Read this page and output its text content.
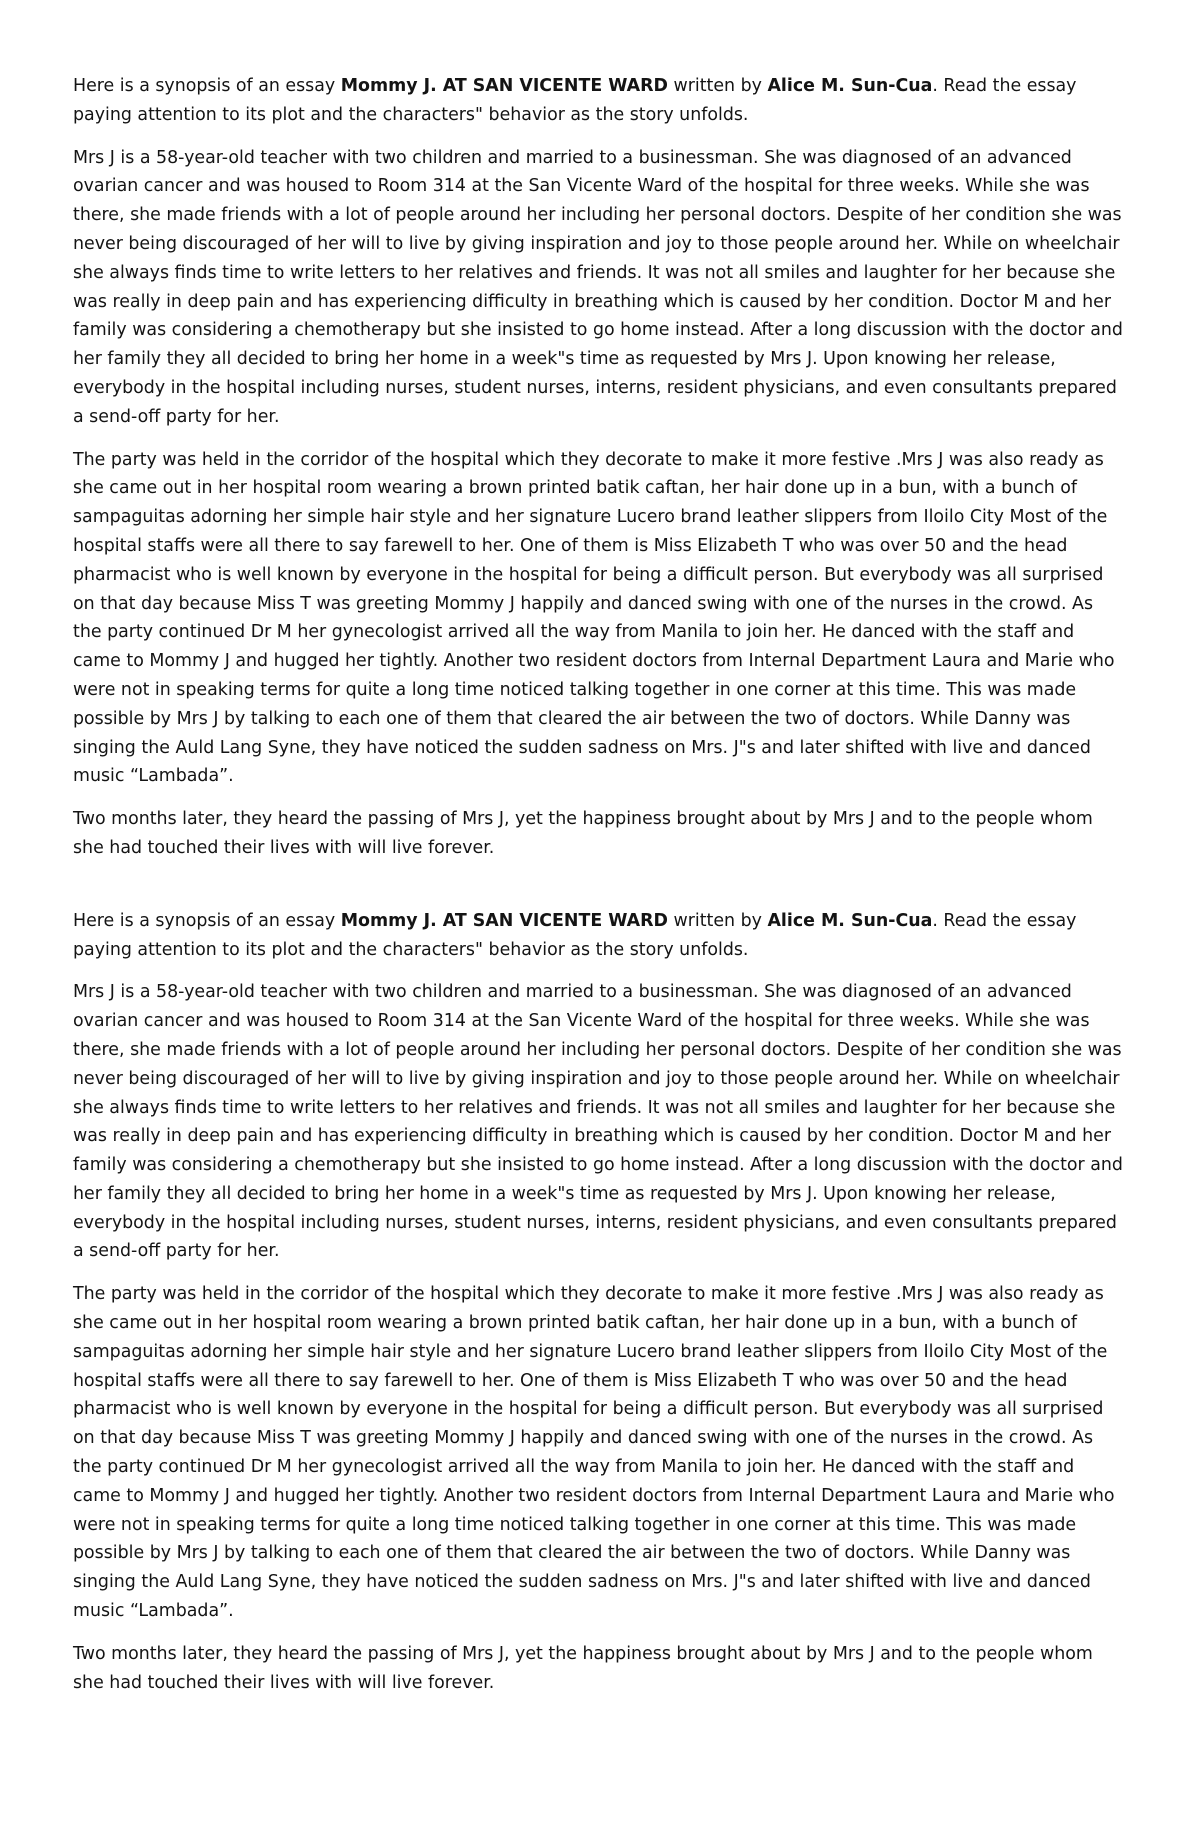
Here is a synopsis of an essay Mommy J. AT SAN VICENTE WARD written by Alice M. Sun-Cua. Read the essay paying attention to its plot and the characters" behavior as the story unfolds.

Mrs J is a 58-year-old teacher with two children and married to a businessman. She was diagnosed of an advanced ovarian cancer and was housed to Room 314 at the San Vicente Ward of the hospital for three weeks. While she was there, she made friends with a lot of people around her including her personal doctors. Despite of her condition she was never being discouraged of her will to live by giving inspiration and joy to those people around her. While on wheelchair she always finds time to write letters to her relatives and friends. It was not all smiles and laughter for her because she was really in deep pain and has experiencing difficulty in breathing which is caused by her condition. Doctor M and her family was considering a chemotherapy but she insisted to go home instead. After a long discussion with the doctor and her family they all decided to bring her home in a week"s time as requested by Mrs J. Upon knowing her release, everybody in the hospital including nurses, student nurses, interns, resident physicians, and even consultants prepared a send-off party for her.

The party was held in the corridor of the hospital which they decorate to make it more festive .Mrs J was also ready as she came out in her hospital room wearing a brown printed batik caftan, her hair done up in a bun, with a bunch of sampaguitas adorning her simple hair style and her signature Lucero brand leather slippers from Iloilo City Most of the hospital staffs were all there to say farewell to her. One of them is Miss Elizabeth T who was over 50 and the head pharmacist who is well known by everyone in the hospital for being a difficult person. But everybody was all surprised on that day because Miss T was greeting Mommy J happily and danced swing with one of the nurses in the crowd. As the party continued Dr M her gynecologist arrived all the way from Manila to join her. He danced with the staff and came to Mommy J and hugged her tightly. Another two resident doctors from Internal Department Laura and Marie who were not in speaking terms for quite a long time noticed talking together in one corner at this time. This was made possible by Mrs J by talking to each one of them that cleared the air between the two of doctors. While Danny was singing the Auld Lang Syne, they have noticed the sudden sadness on Mrs. J"s and later shifted with live and danced music “Lambada”.

Two months later, they heard the passing of Mrs J, yet the happiness brought about by Mrs J and to the people whom she had touched their lives with will live forever.

Here is a synopsis of an essay Mommy J. AT SAN VICENTE WARD written by Alice M. Sun-Cua. Read the essay paying attention to its plot and the characters" behavior as the story unfolds.

Mrs J is a 58-year-old teacher with two children and married to a businessman. She was diagnosed of an advanced ovarian cancer and was housed to Room 314 at the San Vicente Ward of the hospital for three weeks. While she was there, she made friends with a lot of people around her including her personal doctors. Despite of her condition she was never being discouraged of her will to live by giving inspiration and joy to those people around her. While on wheelchair she always finds time to write letters to her relatives and friends. It was not all smiles and laughter for her because she was really in deep pain and has experiencing difficulty in breathing which is caused by her condition. Doctor M and her family was considering a chemotherapy but she insisted to go home instead. After a long discussion with the doctor and her family they all decided to bring her home in a week"s time as requested by Mrs J. Upon knowing her release, everybody in the hospital including nurses, student nurses, interns, resident physicians, and even consultants prepared a send-off party for her.

The party was held in the corridor of the hospital which they decorate to make it more festive .Mrs J was also ready as she came out in her hospital room wearing a brown printed batik caftan, her hair done up in a bun, with a bunch of sampaguitas adorning her simple hair style and her signature Lucero brand leather slippers from Iloilo City Most of the hospital staffs were all there to say farewell to her. One of them is Miss Elizabeth T who was over 50 and the head pharmacist who is well known by everyone in the hospital for being a difficult person. But everybody was all surprised on that day because Miss T was greeting Mommy J happily and danced swing with one of the nurses in the crowd. As the party continued Dr M her gynecologist arrived all the way from Manila to join her. He danced with the staff and came to Mommy J and hugged her tightly. Another two resident doctors from Internal Department Laura and Marie who were not in speaking terms for quite a long time noticed talking together in one corner at this time. This was made possible by Mrs J by talking to each one of them that cleared the air between the two of doctors. While Danny was singing the Auld Lang Syne, they have noticed the sudden sadness on Mrs. J"s and later shifted with live and danced music “Lambada”.

Two months later, they heard the passing of Mrs J, yet the happiness brought about by Mrs J and to the people whom she had touched their lives with will live forever.
